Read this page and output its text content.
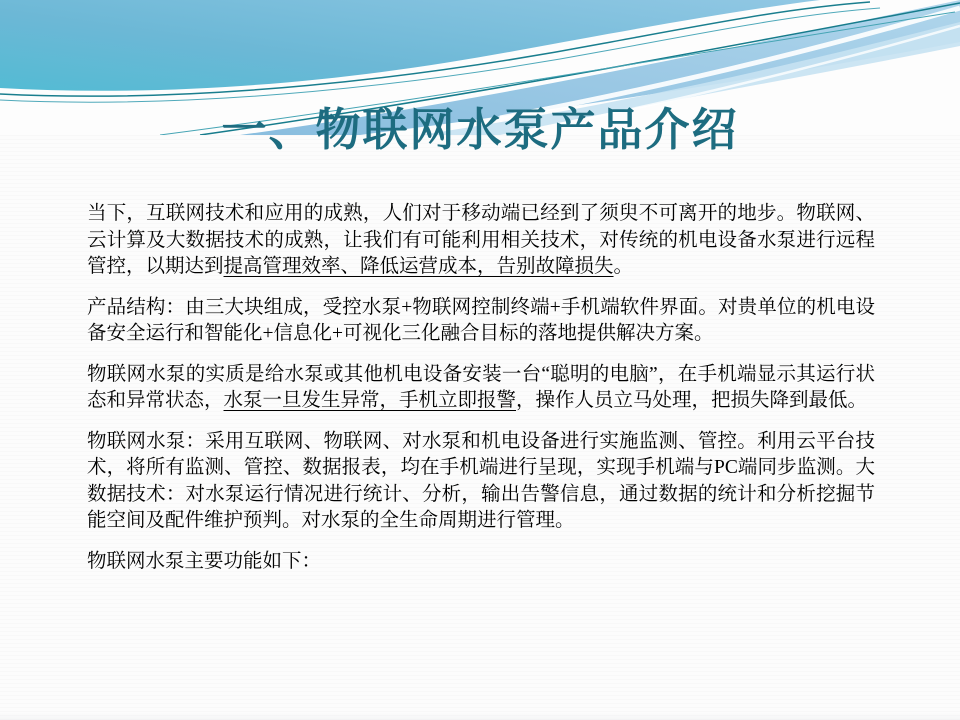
一、物联网水泵产品介绍

当下，互联网技术和应用的成熟，人们对于移动端已经到了须臾不可离开的地步。物联网、云计算及大数据技术的成熟，让我们有可能利用相关技术，对传统的机电设备水泵进行远程管控，以期达到提高管理效率、降低运营成本，告别故障损失。

产品结构：由三大块组成，受控水泵+物联网控制终端+手机端软件界面。对贵单位的机电设备安全运行和智能化+信息化+可视化三化融合目标的落地提供解决方案。

物联网水泵的实质是给水泵或其他机电设备安装一台“聪明的电脑”，在手机端显示其运行状态和异常状态，水泵一旦发生异常，手机立即报警，操作人员立马处理，把损失降到最低。

物联网水泵：采用互联网、物联网、对水泵和机电设备进行实施监测、管控。利用云平台技术，将所有监测、管控、数据报表，均在手机端进行呈现，实现手机端与PC端同步监测。大数据技术：对水泵运行情况进行统计、分析，输出告警信息，通过数据的统计和分析挖掘节能空间及配件维护预判。对水泵的全生命周期进行管理。

物联网水泵主要功能如下：
